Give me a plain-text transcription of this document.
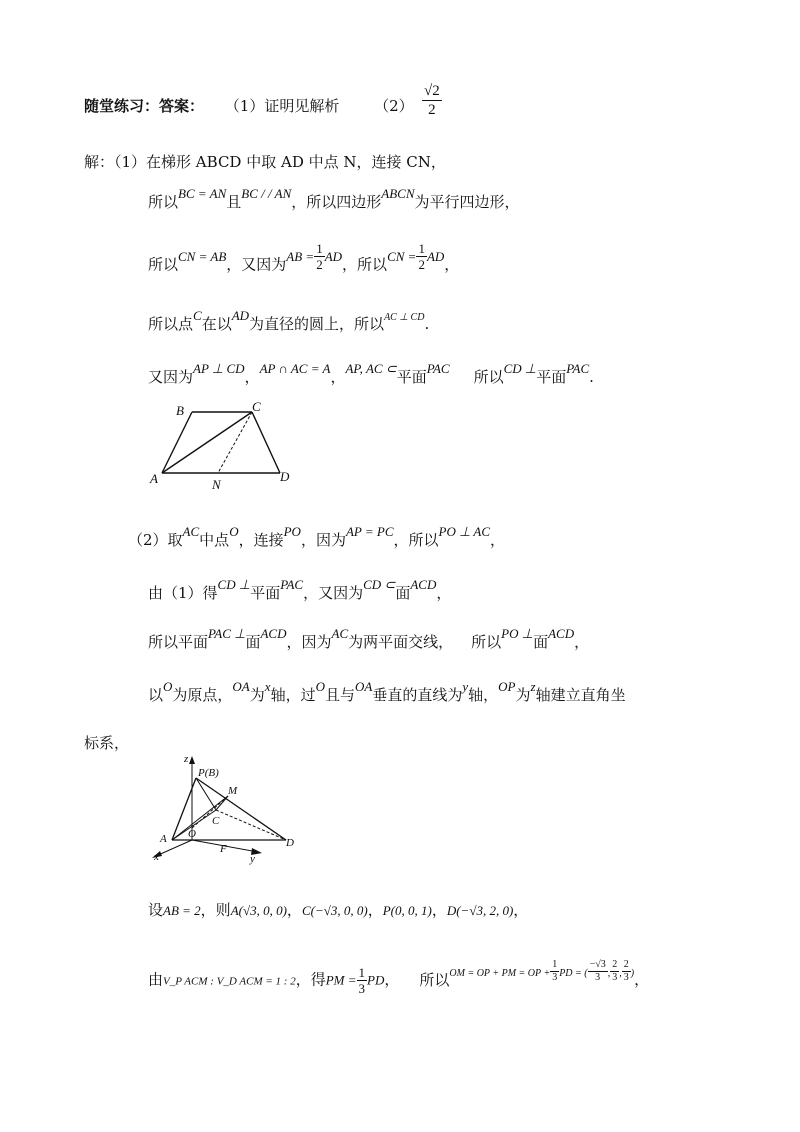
随堂练习：答案： （1）证明见解析 $(2) \frac{√2}{2}$
解：（1）在梯形 ABCD 中取 AD 中点 N，连接 CN，
所以BC = AN且BC / / AN，所以四边形ABCN为平行四边形，
所以CN = AB，又因为AB = $\frac{1}{2}$ AD，所以CN = $\frac{1}{2}$ AD，
所以点C在以AD为直径的圆上，所以$^{AC \perp CD}$.
又因为AP ⊥ CD，AP ∩ AC = A，AP, AC ⊂平面PAC 所以CD ⊥平面PAC.
B	C
A	N
D
（2）取AC中点O，连接PO，因为AP = PC，所以PO ⊥ AC，
由（1）得CD ⊥平面PAC，又因为CD ⊂面ACD，
所以平面PAC ⊥面ACD，因为AC为两平面交线， 所以PO ⊥面ACD，
以O为原点，OA为x轴，过O且与OA垂直的直线为y轴，OP为z轴建立直角坐
标系，
z
P(B)
M
C
A O
F	D
x	y
设AB = 2，则A(√3, 0, 0)，C(−√3, 0, 0)，P(0, 0, 1)，D(−√3, 2, 0)，
由V_P ACM : V_D ACM = 1 : 2，得PM = $\frac{1}{3}$ PD， 所以$^{OM = OP + PM = OP +} \frac{1}{3} ^{PD = (} \frac{-√3}{3} ^, \frac{2}{3} ^, \frac{2}{3} ^)$，
